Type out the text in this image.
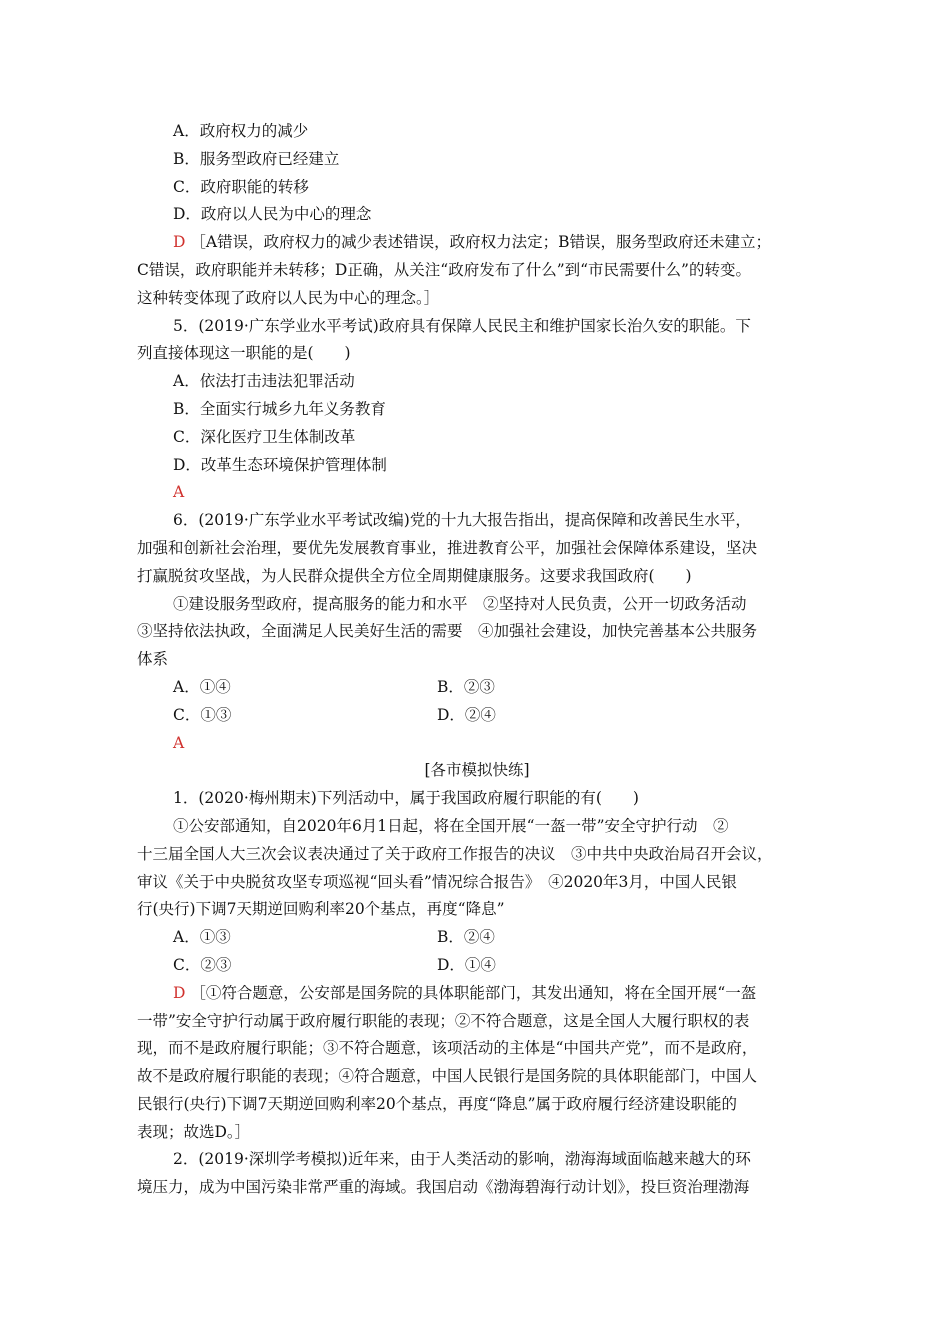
A．政府权力的减少
B．服务型政府已经建立
C．政府职能的转移
D．政府以人民为中心的理念
D ［A错误，政府权力的减少表述错误，政府权力法定；B错误，服务型政府还未建立；
C错误，政府职能并未转移；D正确，从关注“政府发布了什么”到“市民需要什么”的转变。
这种转变体现了政府以人民为中心的理念。］
5．(2019·广东学业水平考试)政府具有保障人民民主和维护国家长治久安的职能。下
列直接体现这一职能的是(　　)
A．依法打击违法犯罪活动
B．全面实行城乡九年义务教育
C．深化医疗卫生体制改革
D．改革生态环境保护管理体制
A
6．(2019·广东学业水平考试改编)党的十九大报告指出，提高保障和改善民生水平，
加强和创新社会治理，要优先发展教育事业，推进教育公平，加强社会保障体系建设，坚决
打赢脱贫攻坚战，为人民群众提供全方位全周期健康服务。这要求我国政府(　　)
①建设服务型政府，提高服务的能力和水平　②坚持对人民负责，公开一切政务活动
③坚持依法执政，全面满足人民美好生活的需要　④加强社会建设，加快完善基本公共服务
体系
A．①④	B．②③
C．①③	D．②④
A
[各市模拟快练]
1．(2020·梅州期末)下列活动中，属于我国政府履行职能的有(　　)
①公安部通知，自2020年6月1日起，将在全国开展“一盔一带”安全守护行动　②
十三届全国人大三次会议表决通过了关于政府工作报告的决议　③中共中央政治局召开会议，
审议《关于中央脱贫攻坚专项巡视“回头看”情况综合报告》　④2020年3月，中国人民银
行(央行)下调7天期逆回购利率20个基点，再度“降息”
A．①③	B．②④
C．②③	D．①④
D ［①符合题意，公安部是国务院的具体职能部门，其发出通知，将在全国开展“一盔
一带”安全守护行动属于政府履行职能的表现；②不符合题意，这是全国人大履行职权的表
现，而不是政府履行职能；③不符合题意，该项活动的主体是“中国共产党”，而不是政府，
故不是政府履行职能的表现；④符合题意，中国人民银行是国务院的具体职能部门，中国人
民银行(央行)下调7天期逆回购利率20个基点，再度“降息”属于政府履行经济建设职能的
表现；故选D。］
2．(2019·深圳学考模拟)近年来，由于人类活动的影响，渤海海域面临越来越大的环
境压力，成为中国污染非常严重的海域。我国启动《渤海碧海行动计划》，投巨资治理渤海
